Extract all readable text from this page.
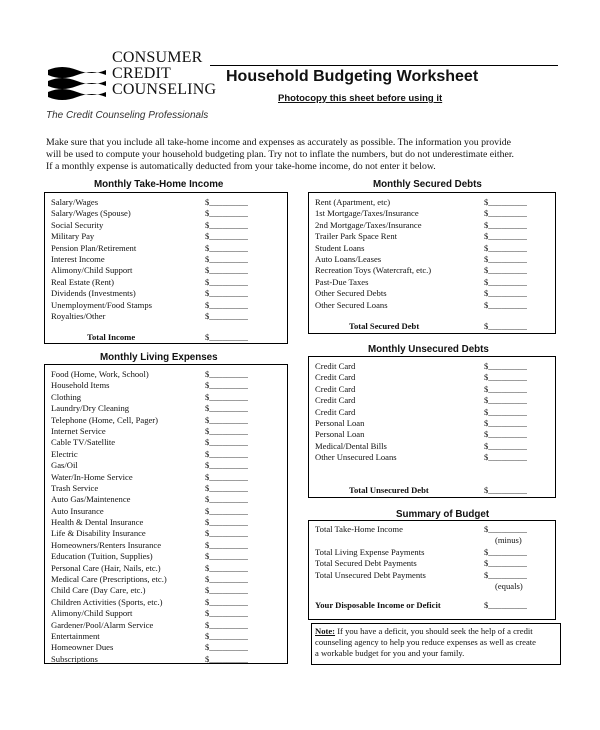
CONSUMER
CREDIT
COUNSELING
The Credit Counseling Professionals
Household Budgeting Worksheet
Photocopy this sheet before using it
Make sure that you include all take-home income and expenses as accurately as possible. The information you provide
will be used to compute your household budgeting plan. Try not to inflate the numbers, but do not underestimate either.
If a monthly expense is automatically deducted from your take-home income, do not enter it below.
Monthly Take-Home Income
Salary/Wages	$_________
Salary/Wages (Spouse)	$_________
Social Security	$_________
Military Pay	$_________
Pension Plan/Retirement	$_________
Interest Income	$_________
Alimony/Child Support	$_________
Real Estate (Rent)	$_________
Dividends (Investments)	$_________
Unemployment/Food Stamps	$_________
Royalties/Other	$_________
Total Income	$_________
Monthly Living Expenses
Food (Home, Work, School)	$_________
Household Items	$_________
Clothing	$_________
Laundry/Dry Cleaning	$_________
Telephone (Home, Cell, Pager)	$_________
Internet Service	$_________
Cable TV/Satellite	$_________
Electric	$_________
Gas/Oil	$_________
Water/In-Home Service	$_________
Trash Service	$_________
Auto Gas/Maintenence	$_________
Auto Insurance	$_________
Health & Dental Insurance	$_________
Life & Disability Insurance	$_________
Homeowners/Renters Insurance	$_________
Education (Tuition, Supplies)	$_________
Personal Care (Hair, Nails, etc.)	$_________
Medical Care (Prescriptions, etc.)	$_________
Child Care (Day Care, etc.)	$_________
Children Activities (Sports, etc.)	$_________
Alimony/Child Support	$_________
Gardener/Pool/Alarm Service	$_________
Entertainment	$_________
Homeowner Dues	$_________
Subscriptions	$_________
Monthly Secured Debts
Rent (Apartment, etc)	$_________
1st Mortgage/Taxes/Insurance	$_________
2nd Mortgage/Taxes/Insurance	$_________
Trailer Park Space Rent	$_________
Student Loans	$_________
Auto Loans/Leases	$_________
Recreation Toys (Watercraft, etc.)	$_________
Past-Due Taxes	$_________
Other Secured Debts	$_________
Other Secured Loans	$_________
Total Secured Debt	$_________
Monthly Unsecured Debts
Credit Card	$_________
Credit Card	$_________
Credit Card	$_________
Credit Card	$_________
Credit Card	$_________
Personal Loan	$_________
Personal Loan	$_________
Medical/Dental Bills	$_________
Other Unsecured Loans	$_________
Total Unsecured Debt	$_________
Summary of Budget
Total Take-Home Income	$_________
(minus)
Total Living Expense Payments	$_________
Total Secured Debt Payments	$_________
Total Unsecured Debt Payments	$_________
(equals)
Your Disposable Income or Deficit	$_________
Note: If you have a deficit, you should seek the help of a credit
counseling agency to help you reduce expenses as well as create
a workable budget for you and your family.
